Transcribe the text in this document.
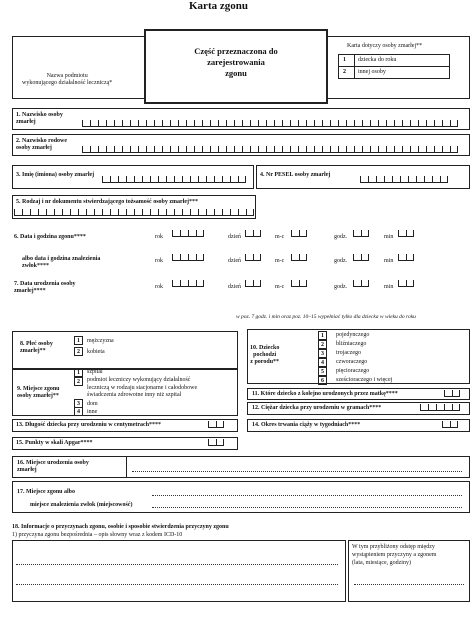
Karta zgonu
Nazwa podmiotu
wykonującego działalność leczniczą*
Część przeznaczona do
zarejestrowania
zgonu
Karta dotyczy osoby zmarłej**
1 dziecka do roku
2 innej osoby
1. Nazwisko osoby
zmarłej
2. Nazwisko rodowe
osoby zmarłej
3. Imię (imiona) osoby zmarłej	4. Nr PESEL osoby zmarłej
5. Rodzaj i nr dokumentu stwierdzającego tożsamość osoby zmarłej***
6. Data i godzina zgonu****	rok	dzień	m-c	godz.	min
albo data i godzina znalezienia
zwłok****
rok	dzień	m-c	godz.	min
7. Data urodzenia osoby
zmarłej****
rok	dzień	m-c	godz.	min
w poz. 7 godz. i min oraz poz. 10–15 wypełniać tylko dla dziecka w wieku do roku
8. Płeć osoby
zmarłej**
1	mężczyzna
2	kobieta
9. Miejsce zgonu
osoby zmarłej**
1	szpital
2	podmiot leczniczy wykonujący działalność
leczniczą w rodzaju stacjonarne i całodobowe
świadczenia zdrowotne inny niż szpital
3	dom
4	inne
10. Dziecko
pochodzi
z porodu**
1	pojedynczego
2	bliźniaczego
3	trojaczego
4	czworaczego
5	pięcioraczego
6	sześcioraczego i więcej
11. Które dziecko z kolejno urodzonych przez matkę****
12. Ciężar dziecka przy urodzeniu w gramach****
13. Długość dziecka przy urodzeniu w centymetrach****	14. Okres trwania ciąży w tygodniach****
15. Punkty w skali Apgar****
16. Miejsce urodzenia osoby
zmarłej
17. Miejsce zgonu albo
miejsce znalezienia zwłok (miejscowość)
18. Informacje o przyczynach zgonu, osobie i sposobie stwierdzenia przyczyny zgonu
1) przyczyna zgonu bezpośrednia – opis słowny wraz z kodem ICD-10
W tym przybliżony odstęp między
wystąpieniem przyczyny a zgonem
(lata, miesiące, godziny)
